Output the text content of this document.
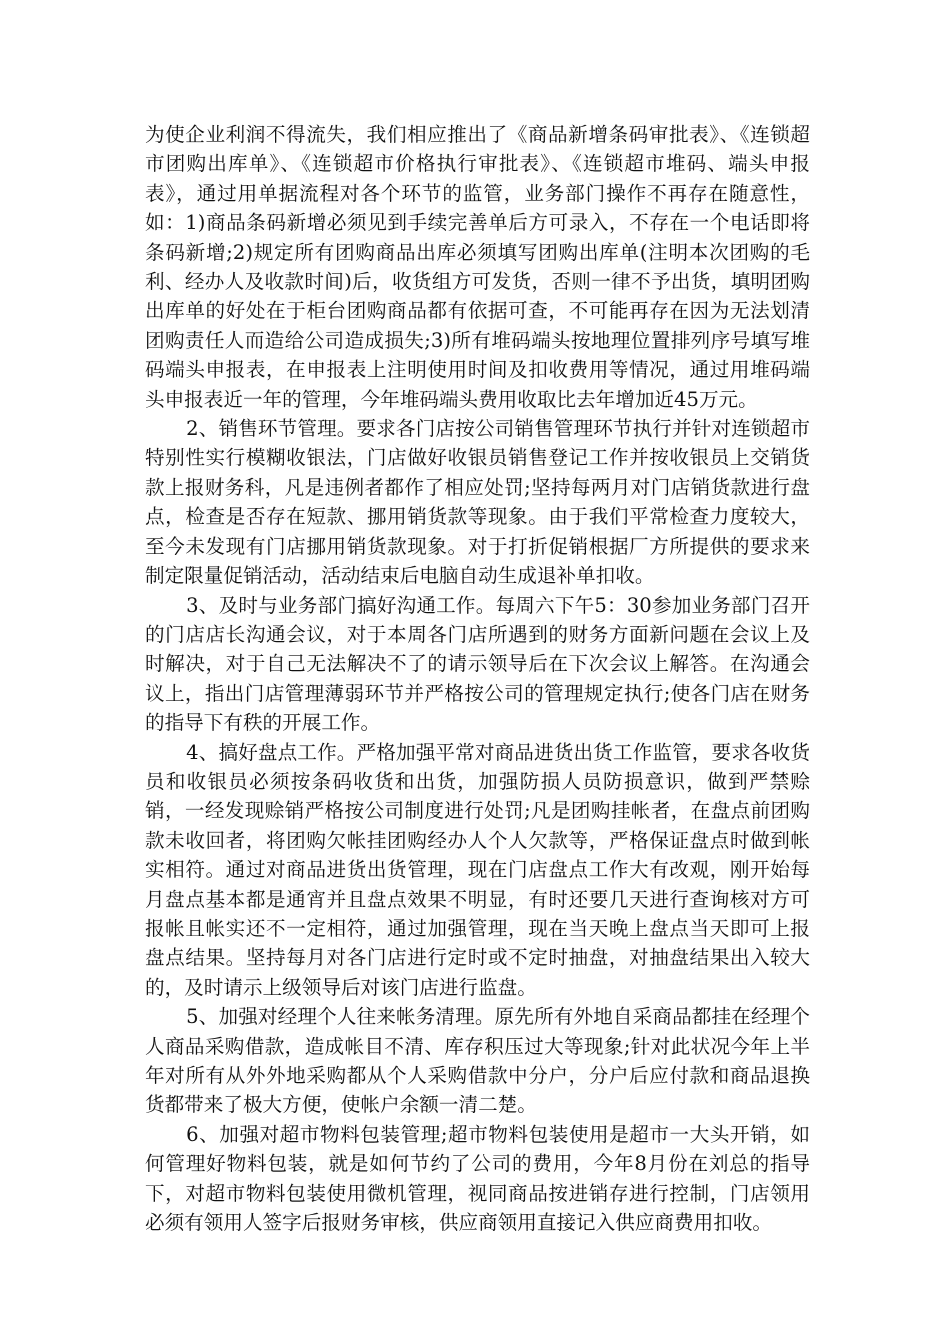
为使企业利润不得流失，我们相应推出了《商品新增条码审批表》、《连锁超市团购出库单》、《连锁超市价格执行审批表》、《连锁超市堆码、端头申报表》，通过用单据流程对各个环节的监管，业务部门操作不再存在随意性，如：1)商品条码新增必须见到手续完善单后方可录入，不存在一个电话即将条码新增;2)规定所有团购商品出库必须填写团购出库单(注明本次团购的毛利、经办人及收款时间)后，收货组方可发货，否则一律不予出货，填明团购出库单的好处在于柜台团购商品都有依据可查，不可能再存在因为无法划清团购责任人而造给公司造成损失;3)所有堆码端头按地理位置排列序号填写堆码端头申报表，在申报表上注明使用时间及扣收费用等情况，通过用堆码端头申报表近一年的管理，今年堆码端头费用收取比去年增加近45万元。

2、销售环节管理。要求各门店按公司销售管理环节执行并针对连锁超市特别性实行模糊收银法，门店做好收银员销售登记工作并按收银员上交销货款上报财务科，凡是违例者都作了相应处罚;坚持每两月对门店销货款进行盘点，检查是否存在短款、挪用销货款等现象。由于我们平常检查力度较大，至今未发现有门店挪用销货款现象。对于打折促销根据厂方所提供的要求来制定限量促销活动，活动结束后电脑自动生成退补单扣收。

3、及时与业务部门搞好沟通工作。每周六下午5：30参加业务部门召开的门店店长沟通会议，对于本周各门店所遇到的财务方面新问题在会议上及时解决，对于自己无法解决不了的请示领导后在下次会议上解答。在沟通会议上，指出门店管理薄弱环节并严格按公司的管理规定执行;使各门店在财务的指导下有秩的开展工作。

4、搞好盘点工作。严格加强平常对商品进货出货工作监管，要求各收货员和收银员必须按条码收货和出货，加强防损人员防损意识，做到严禁赊销，一经发现赊销严格按公司制度进行处罚;凡是团购挂帐者，在盘点前团购款未收回者，将团购欠帐挂团购经办人个人欠款等，严格保证盘点时做到帐实相符。通过对商品进货出货管理，现在门店盘点工作大有改观，刚开始每月盘点基本都是通宵并且盘点效果不明显，有时还要几天进行查询核对方可报帐且帐实还不一定相符，通过加强管理，现在当天晚上盘点当天即可上报盘点结果。坚持每月对各门店进行定时或不定时抽盘，对抽盘结果出入较大的，及时请示上级领导后对该门店进行监盘。

5、加强对经理个人往来帐务清理。原先所有外地自采商品都挂在经理个人商品采购借款，造成帐目不清、库存积压过大等现象;针对此状况今年上半年对所有从外外地采购都从个人采购借款中分户，分户后应付款和商品退换货都带来了极大方便，使帐户余额一清二楚。

6、加强对超市物料包装管理;超市物料包装使用是超市一大头开销，如何管理好物料包装，就是如何节约了公司的费用，今年8月份在刘总的指导下，对超市物料包装使用微机管理，视同商品按进销存进行控制，门店领用必须有领用人签字后报财务审核，供应商领用直接记入供应商费用扣收。
